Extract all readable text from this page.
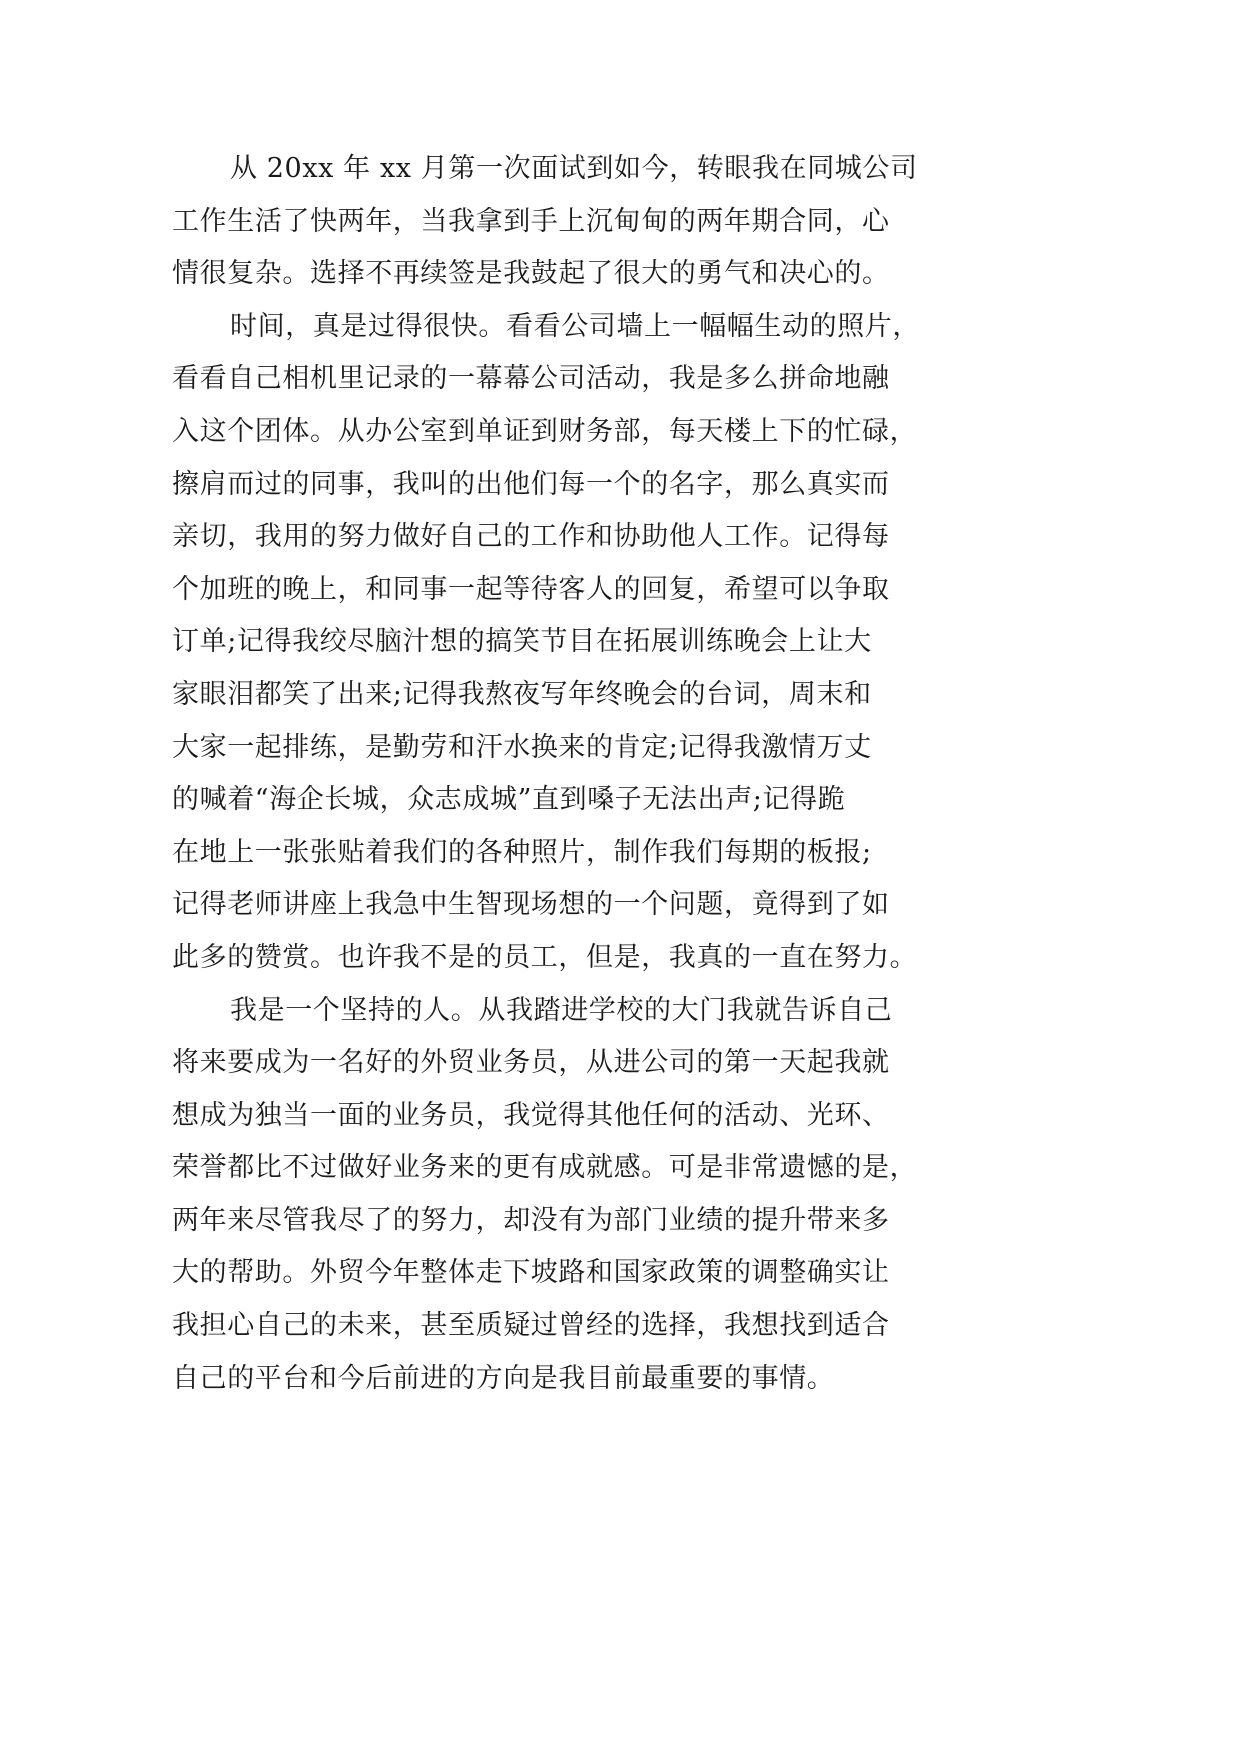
从 20xx 年 xx 月第一次面试到如今，转眼我在同城公司
工作生活了快两年，当我拿到手上沉甸甸的两年期合同，心
情很复杂。选择不再续签是我鼓起了很大的勇气和决心的。
时间，真是过得很快。看看公司墙上一幅幅生动的照片，
看看自己相机里记录的一幕幕公司活动，我是多么拼命地融
入这个团体。从办公室到单证到财务部，每天楼上下的忙碌，
擦肩而过的同事，我叫的出他们每一个的名字，那么真实而
亲切，我用的努力做好自己的工作和协助他人工作。记得每
个加班的晚上，和同事一起等待客人的回复，希望可以争取
订单;记得我绞尽脑汁想的搞笑节目在拓展训练晚会上让大
家眼泪都笑了出来;记得我熬夜写年终晚会的台词，周末和
大家一起排练，是勤劳和汗水换来的肯定;记得我激情万丈
的喊着“海企长城，众志成城”直到嗓子无法出声;记得跪
在地上一张张贴着我们的各种照片，制作我们每期的板报;
记得老师讲座上我急中生智现场想的一个问题，竟得到了如
此多的赞赏。也许我不是的员工，但是，我真的一直在努力。
我是一个坚持的人。从我踏进学校的大门我就告诉自己
将来要成为一名好的外贸业务员，从进公司的第一天起我就
想成为独当一面的业务员，我觉得其他任何的活动、光环、
荣誉都比不过做好业务来的更有成就感。可是非常遗憾的是，
两年来尽管我尽了的努力，却没有为部门业绩的提升带来多
大的帮助。外贸今年整体走下坡路和国家政策的调整确实让
我担心自己的未来，甚至质疑过曾经的选择，我想找到适合
自己的平台和今后前进的方向是我目前最重要的事情。
